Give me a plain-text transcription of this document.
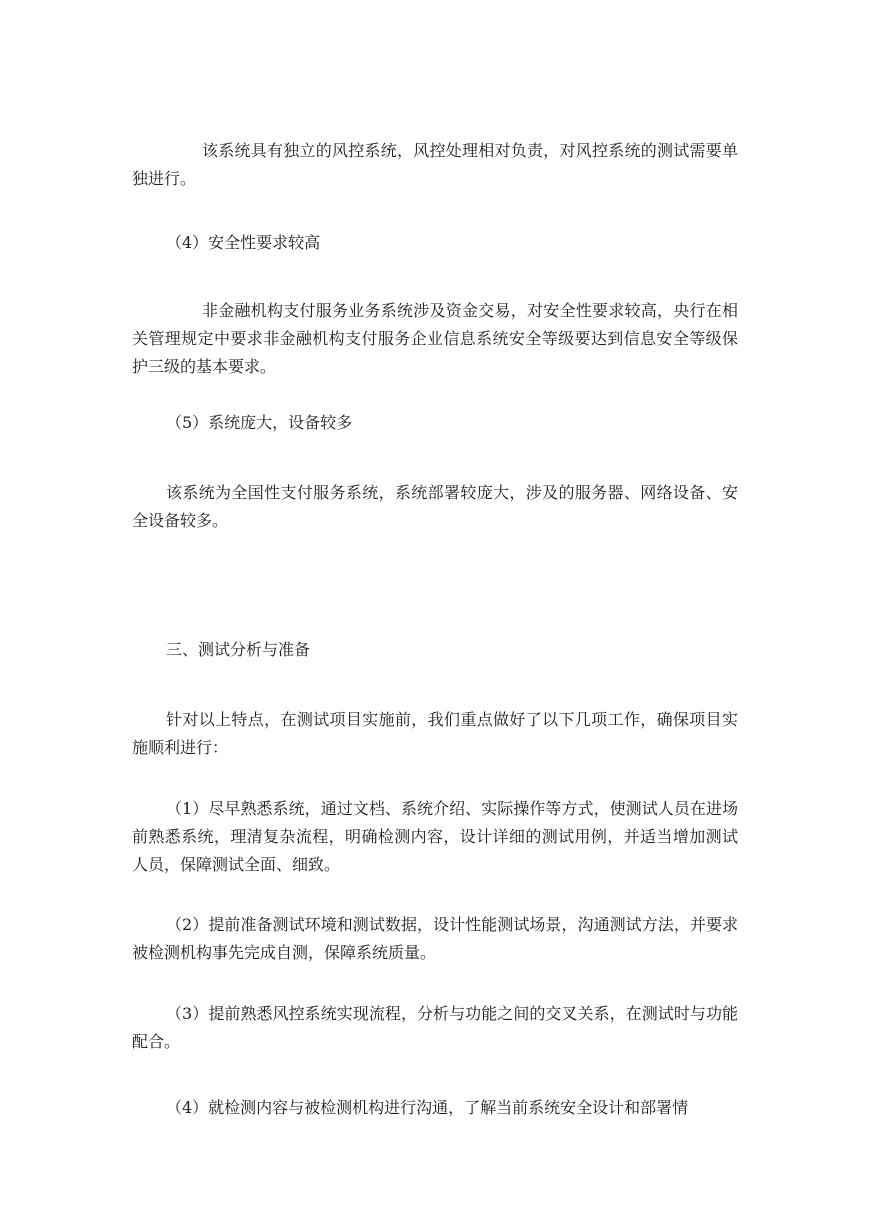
该系统具有独立的风控系统，风控处理相对负责，对风控系统的测试需要单独进行。

（4）安全性要求较高

非金融机构支付服务业务系统涉及资金交易，对安全性要求较高，央行在相关管理规定中要求非金融机构支付服务企业信息系统安全等级要达到信息安全等级保护三级的基本要求。

（5）系统庞大，设备较多

该系统为全国性支付服务系统，系统部署较庞大，涉及的服务器、网络设备、安全设备较多。

三、测试分析与准备

针对以上特点，在测试项目实施前，我们重点做好了以下几项工作，确保项目实施顺利进行：

（1）尽早熟悉系统，通过文档、系统介绍、实际操作等方式，使测试人员在进场前熟悉系统，理清复杂流程，明确检测内容，设计详细的测试用例，并适当增加测试人员，保障测试全面、细致。

（2）提前准备测试环境和测试数据，设计性能测试场景，沟通测试方法，并要求被检测机构事先完成自测，保障系统质量。

（3）提前熟悉风控系统实现流程，分析与功能之间的交叉关系，在测试时与功能配合。

（4）就检测内容与被检测机构进行沟通，了解当前系统安全设计和部署情
